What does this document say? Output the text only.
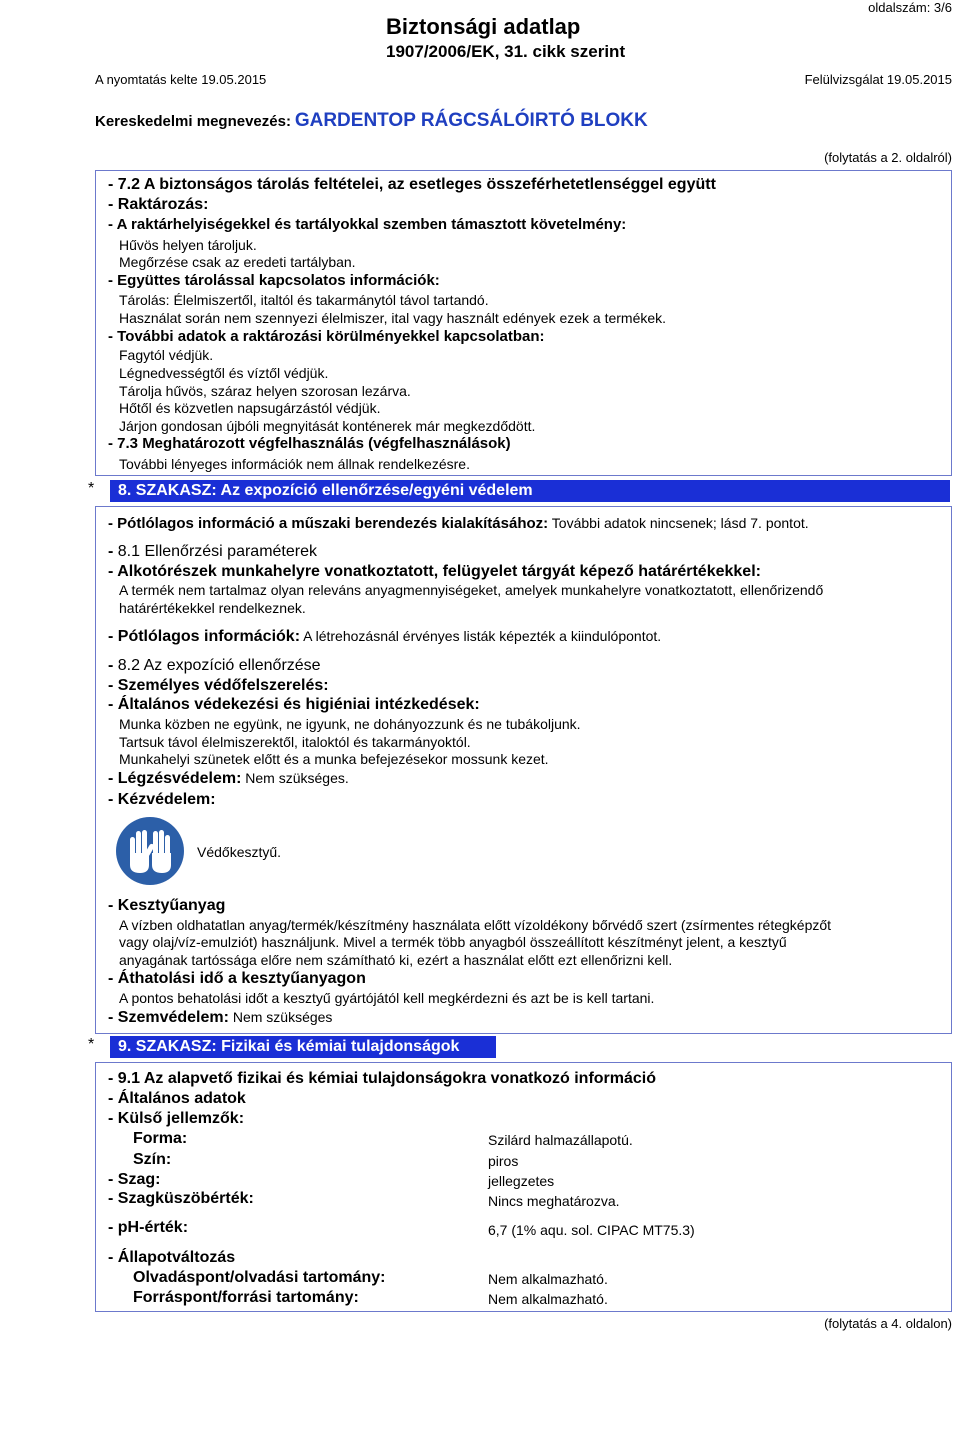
Biztonsági adatlap
1907/2006/EK, 31. cikk szerint
oldalszám: 3/6
A nyomtatás kelte 19.05.2015	Felülvizsgálat 19.05.2015
Kereskedelmi megnevezés: GARDENTOP RÁGCSÁLÓIRTÓ BLOKK
(folytatás a 2. oldalról)
- 7.2 A biztonságos tárolás feltételei, az esetleges összeférhetetlenséggel együtt
- Raktározás:
- A raktárhelyiségekkel és tartályokkal szemben támasztott követelmény:
Hűvös helyen tároljuk.
Megőrzése csak az eredeti tartályban.
- Együttes tárolással kapcsolatos információk:
Tárolás: Élelmiszertől, italtól és takarmánytól távol tartandó.
Használat során nem szennyezi élelmiszer, ital vagy használt edények ezek a termékek.
- További adatok a raktározási körülményekkel kapcsolatban:
Fagytól védjük.
Légnedvességtől és víztől védjük.
Tárolja hűvös, száraz helyen szorosan lezárva.
Hőtől és közvetlen napsugárzástól védjük.
Járjon gondosan újbóli megnyitását konténerek már megkezdődött.
- 7.3 Meghatározott végfelhasználás (végfelhasználások)
További lényeges információk nem állnak rendelkezésre.
*	8. SZAKASZ: Az expozíció ellenőrzése/egyéni védelem
- Pótlólagos információ a műszaki berendezés kialakításához: További adatok nincsenek; lásd 7. pontot.
- 8.1 Ellenőrzési paraméterek
- Alkotórészek munkahelyre vonatkoztatott, felügyelet tárgyát képező határértékekkel:
A termék nem tartalmaz olyan releváns anyagmennyiségeket, amelyek munkahelyre vonatkoztatott, ellenőrizendő
határértékekkel rendelkeznek.
- Pótlólagos információk: A létrehozásnál érvényes listák képezték a kiindulópontot.
- 8.2 Az expozíció ellenőrzése
- Személyes védőfelszerelés:
- Általános védekezési és higiéniai intézkedések:
Munka közben ne együnk, ne igyunk, ne dohányozzunk és ne tubákoljunk.
Tartsuk távol élelmiszerektől, italoktól és takarmányoktól.
Munkahelyi szünetek előtt és a munka befejezésekor mossunk kezet.
- Légzésvédelem: Nem szükséges.
- Kézvédelem:
Védőkesztyű.
- Kesztyűanyag
A vízben oldhatatlan anyag/termék/készítmény használata előtt vízoldékony bőrvédő szert (zsírmentes rétegképzőt
vagy olaj/víz-emulziót) használjunk. Mivel a termék több anyagból összeállított készítményt jelent, a kesztyű
anyagának tartóssága előre nem számítható ki, ezért a használat előtt ezt ellenőrizni kell.
- Áthatolási idő a kesztyűanyagon
A pontos behatolási időt a kesztyű gyártójától kell megkérdezni és azt be is kell tartani.
- Szemvédelem: Nem szükséges
*	9. SZAKASZ: Fizikai és kémiai tulajdonságok
- 9.1 Az alapvető fizikai és kémiai tulajdonságokra vonatkozó információ
- Általános adatok
- Külső jellemzők:
Forma:	Szilárd halmazállapotú.
Szín:	piros
- Szag:	jellegzetes
- Szagküszöbérték:	Nincs meghatározva.
- pH-érték:	6,7 (1% aqu. sol. CIPAC MT75.3)
- Állapotváltozás
Olvadáspont/olvadási tartomány:	Nem alkalmazható.
Forráspont/forrási tartomány:	Nem alkalmazható.
(folytatás a 4. oldalon)
